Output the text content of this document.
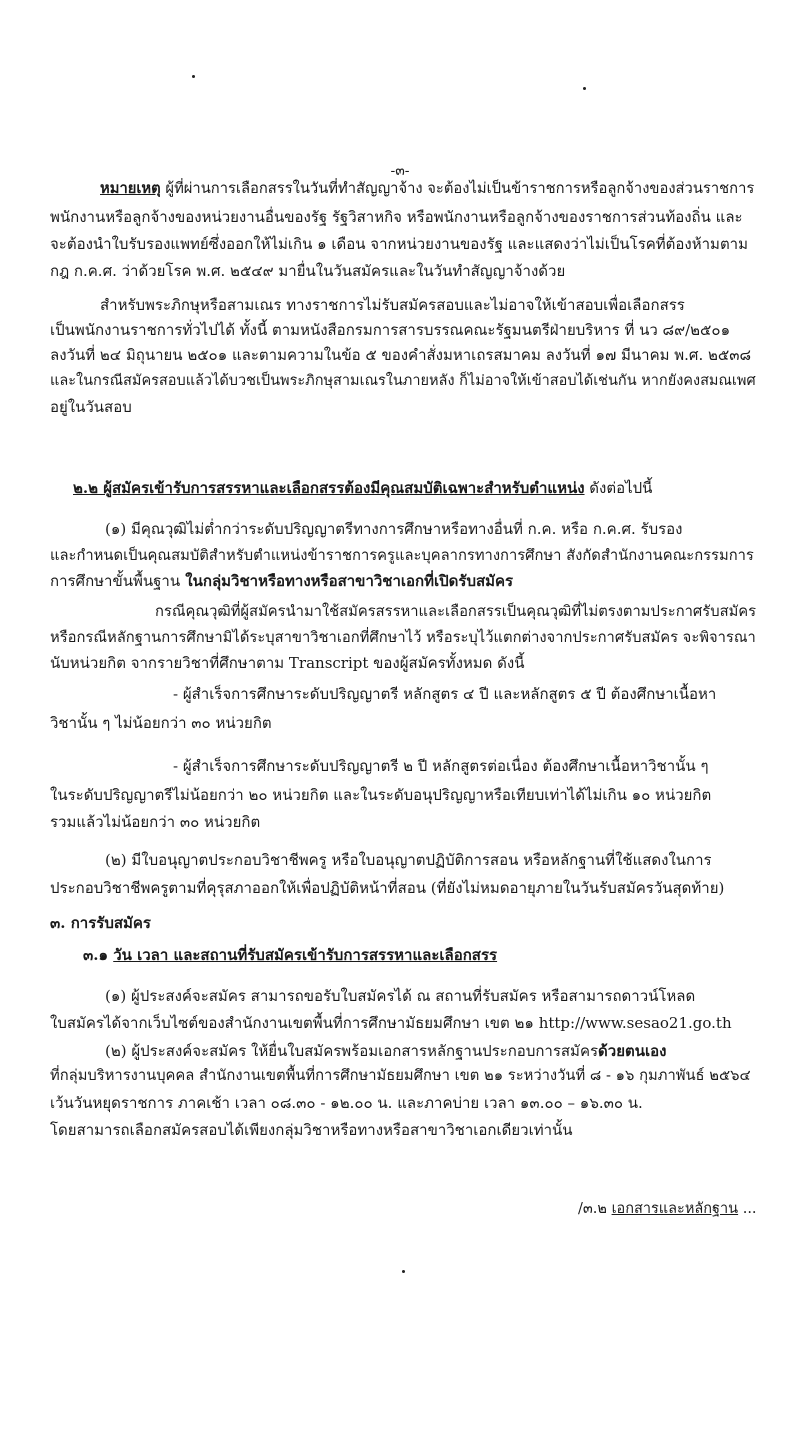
-๓-
หมายเหตุ ผู้ที่ผ่านการเลือกสรรในวันที่ทำสัญญาจ้าง จะต้องไม่เป็นข้าราชการหรือลูกจ้างของส่วนราชการ
พนักงานหรือลูกจ้างของหน่วยงานอื่นของรัฐ รัฐวิสาหกิจ หรือพนักงานหรือลูกจ้างของราชการส่วนท้องถิ่น และ
จะต้องนำใบรับรองแพทย์ซึ่งออกให้ไม่เกิน ๑ เดือน จากหน่วยงานของรัฐ และแสดงว่าไม่เป็นโรคที่ต้องห้ามตาม
กฎ ก.ค.ศ. ว่าด้วยโรค พ.ศ. ๒๕๔๙ มายื่นในวันสมัครและในวันทำสัญญาจ้างด้วย
สำหรับพระภิกษุหรือสามเณร ทางราชการไม่รับสมัครสอบและไม่อาจให้เข้าสอบเพื่อเลือกสรร
เป็นพนักงานราชการทั่วไปได้ ทั้งนี้ ตามหนังสือกรมการสารบรรณคณะรัฐมนตรีฝ่ายบริหาร ที่ นว ๘๙/๒๕๐๑
ลงวันที่ ๒๔ มิถุนายน ๒๕๐๑ และตามความในข้อ ๕ ของคำสั่งมหาเถรสมาคม ลงวันที่ ๑๗ มีนาคม พ.ศ. ๒๕๓๘
และในกรณีสมัครสอบแล้วได้บวชเป็นพระภิกษุสามเณรในภายหลัง ก็ไม่อาจให้เข้าสอบได้เช่นกัน หากยังคงสมณเพศ
อยู่ในวันสอบ
๒.๒ ผู้สมัครเข้ารับการสรรหาและเลือกสรรต้องมีคุณสมบัติเฉพาะสำหรับตำแหน่ง ดังต่อไปนี้
(๑) มีคุณวุฒิไม่ต่ำกว่าระดับปริญญาตรีทางการศึกษาหรือทางอื่นที่ ก.ค. หรือ ก.ค.ศ. รับรอง
และกำหนดเป็นคุณสมบัติสำหรับตำแหน่งข้าราชการครูและบุคลากรทางการศึกษา สังกัดสำนักงานคณะกรรมการ
การศึกษาขั้นพื้นฐาน ในกลุ่มวิชาหรือทางหรือสาขาวิชาเอกที่เปิดรับสมัคร
กรณีคุณวุฒิที่ผู้สมัครนำมาใช้สมัครสรรหาและเลือกสรรเป็นคุณวุฒิที่ไม่ตรงตามประกาศรับสมัคร
หรือกรณีหลักฐานการศึกษามิได้ระบุสาขาวิชาเอกที่ศึกษาไว้ หรือระบุไว้แตกต่างจากประกาศรับสมัคร จะพิจารณา
นับหน่วยกิต จากรายวิชาที่ศึกษาตาม Transcript ของผู้สมัครทั้งหมด ดังนี้
- ผู้สำเร็จการศึกษาระดับปริญญาตรี หลักสูตร ๔ ปี และหลักสูตร ๕ ปี ต้องศึกษาเนื้อหา
วิชานั้น ๆ ไม่น้อยกว่า ๓๐ หน่วยกิต
- ผู้สำเร็จการศึกษาระดับปริญญาตรี ๒ ปี หลักสูตรต่อเนื่อง ต้องศึกษาเนื้อหาวิชานั้น ๆ
ในระดับปริญญาตรีไม่น้อยกว่า ๒๐ หน่วยกิต และในระดับอนุปริญญาหรือเทียบเท่าได้ไม่เกิน ๑๐ หน่วยกิต
รวมแล้วไม่น้อยกว่า ๓๐ หน่วยกิต
(๒) มีใบอนุญาตประกอบวิชาชีพครู หรือใบอนุญาตปฏิบัติการสอน หรือหลักฐานที่ใช้แสดงในการ
ประกอบวิชาชีพครูตามที่คุรุสภาออกให้เพื่อปฏิบัติหน้าที่สอน (ที่ยังไม่หมดอายุภายในวันรับสมัครวันสุดท้าย)
๓. การรับสมัคร
๓.๑ วัน เวลา และสถานที่รับสมัครเข้ารับการสรรหาและเลือกสรร
(๑) ผู้ประสงค์จะสมัคร สามารถขอรับใบสมัครได้ ณ สถานที่รับสมัคร หรือสามารถดาวน์โหลด
ใบสมัครได้จากเว็บไซต์ของสำนักงานเขตพื้นที่การศึกษามัธยมศึกษา เขต ๒๑ http://www.sesao21.go.th
(๒) ผู้ประสงค์จะสมัคร ให้ยื่นใบสมัครพร้อมเอกสารหลักฐานประกอบการสมัครด้วยตนเอง
ที่กลุ่มบริหารงานบุคคล สำนักงานเขตพื้นที่การศึกษามัธยมศึกษา เขต ๒๑ ระหว่างวันที่ ๘ - ๑๖ กุมภาพันธ์ ๒๕๖๔
เว้นวันหยุดราชการ ภาคเช้า เวลา ๐๘.๓๐ - ๑๒.๐๐ น. และภาคบ่าย เวลา ๑๓.๐๐ – ๑๖.๓๐ น.
โดยสามารถเลือกสมัครสอบได้เพียงกลุ่มวิชาหรือทางหรือสาขาวิชาเอกเดียวเท่านั้น
/๓.๒ เอกสารและหลักฐาน ...
